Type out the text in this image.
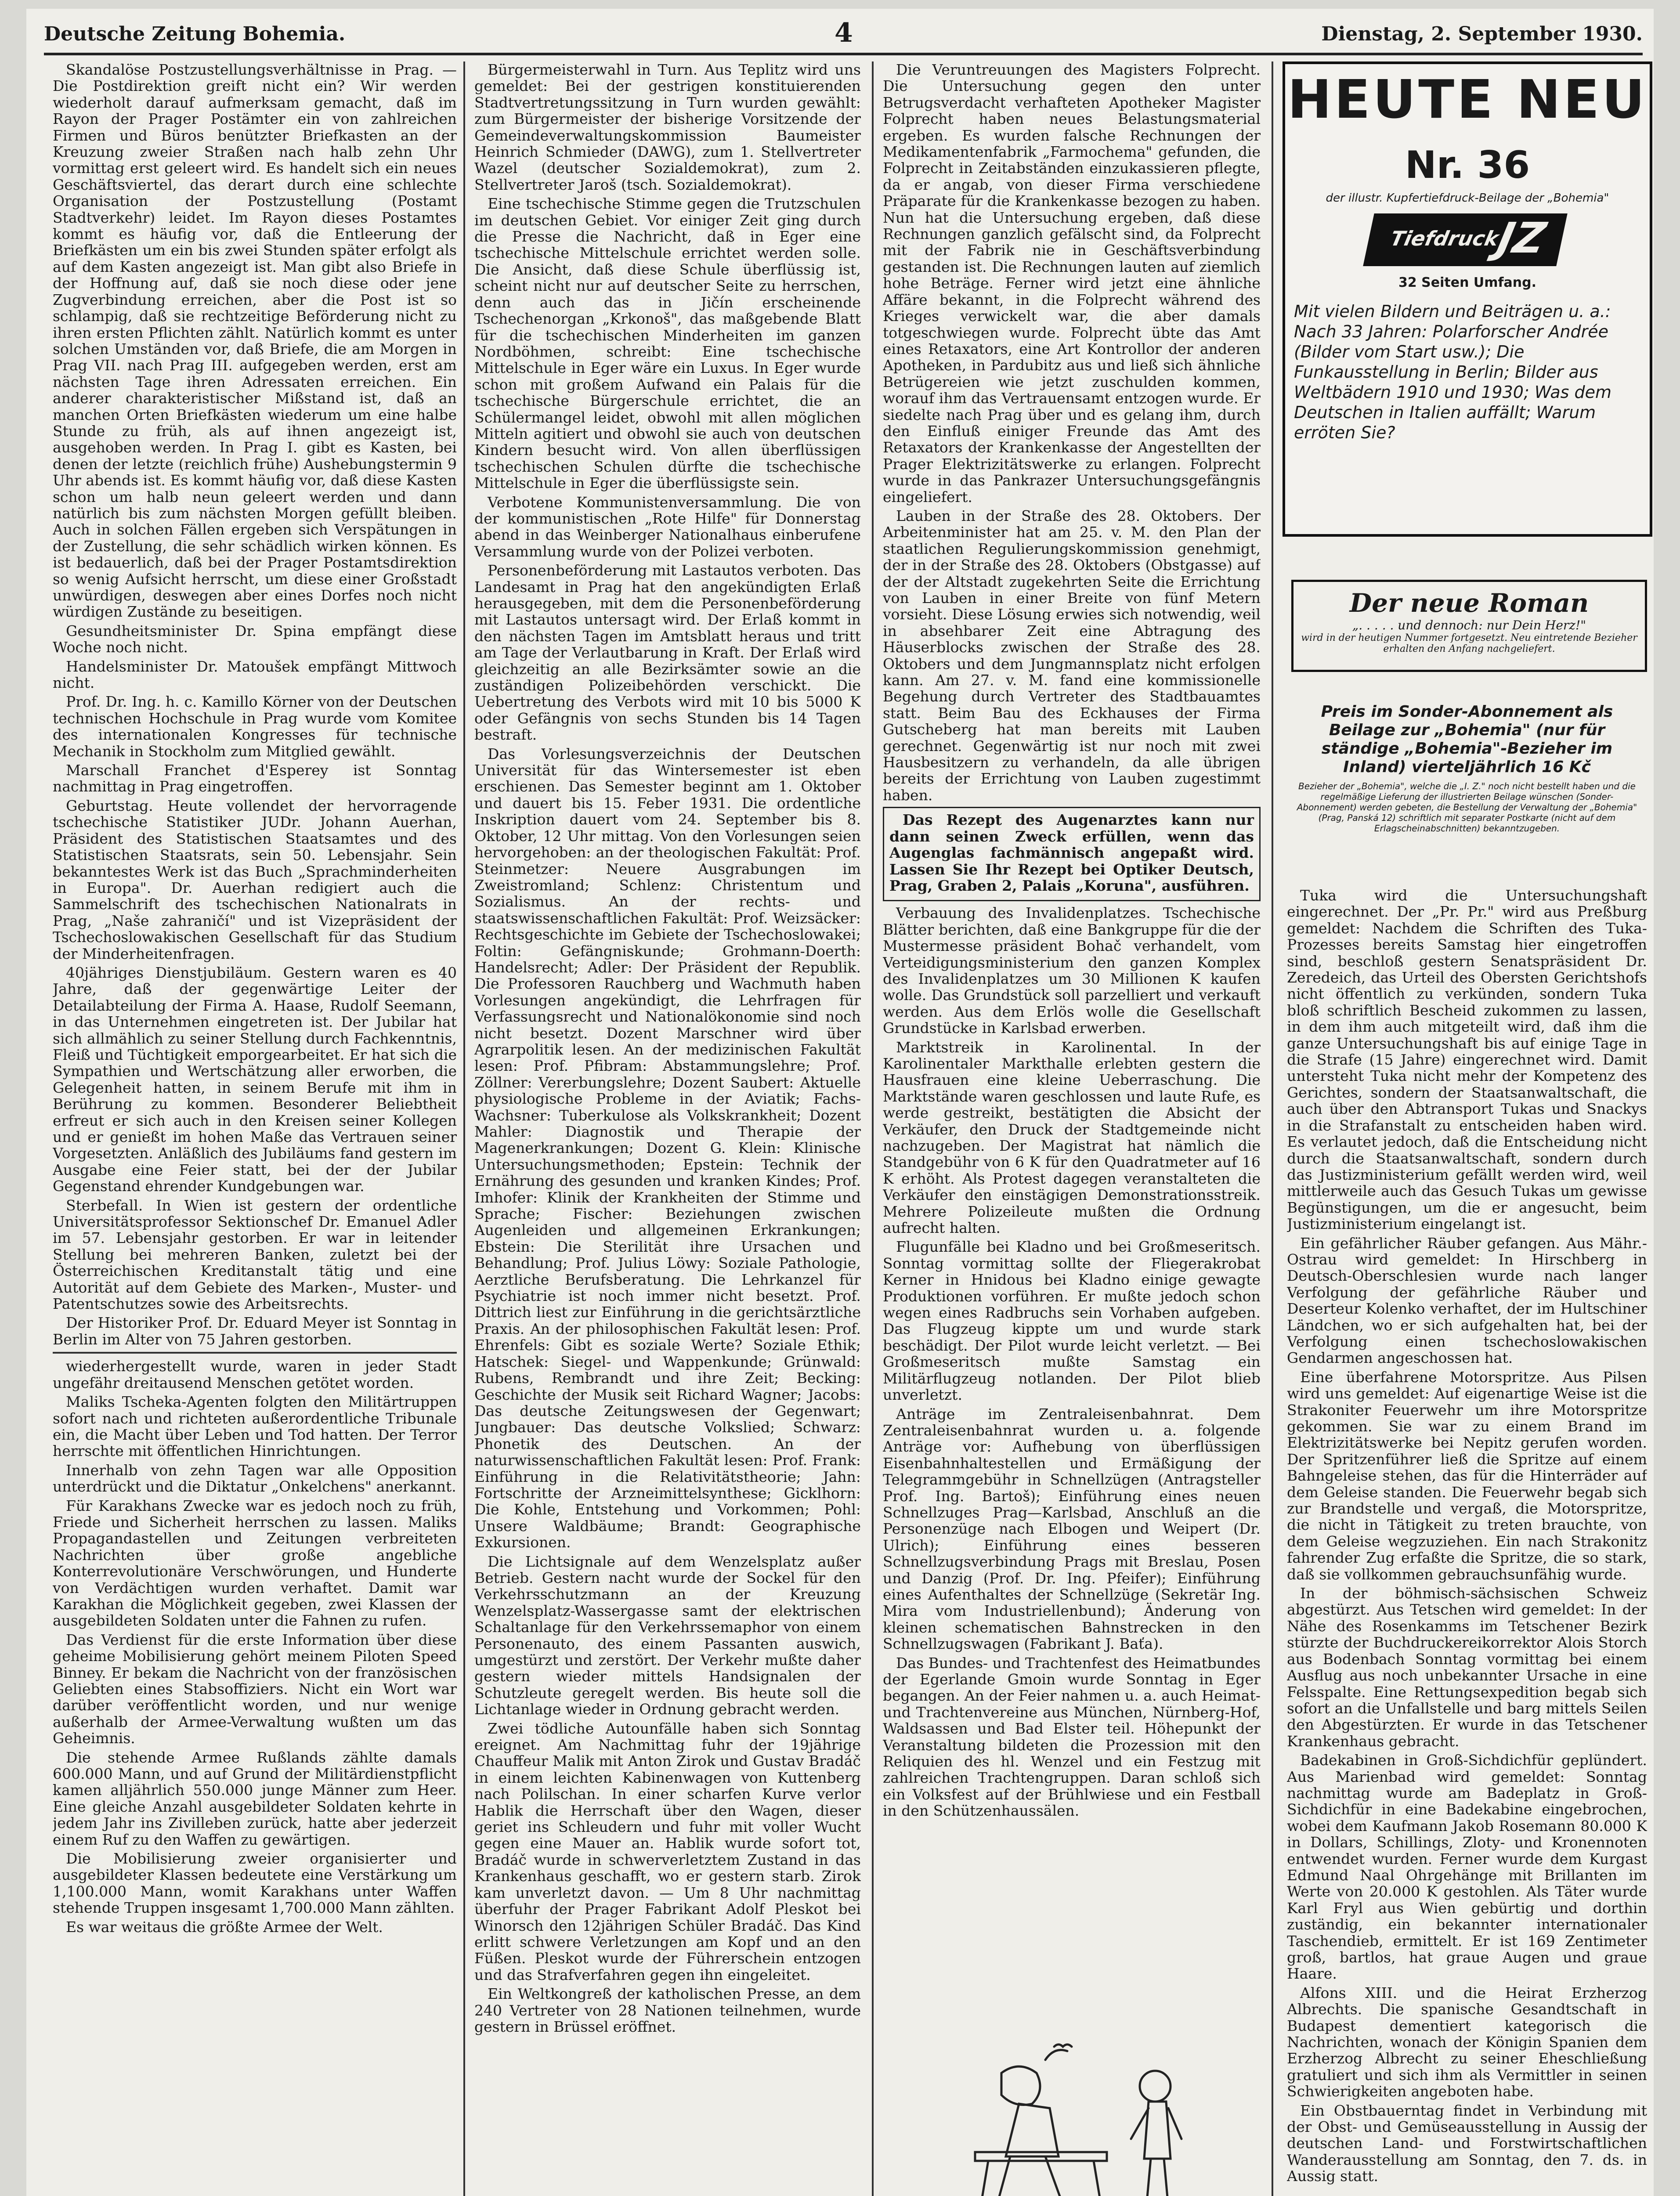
Deutsche Zeitung Bohemia.	4	Dienstag, 2. September 1930.

Skandalöse Postzustellungsverhältnisse in Prag. — Die Postdirektion greift nicht ein? Wir werden wiederholt darauf aufmerksam gemacht, daß im Rayon der Prager Postämter ein von zahlreichen Firmen und Büros benützter Briefkasten an der Kreuzung zweier Straßen nach halb zehn Uhr vormittag erst geleert wird. Es handelt sich ein neues Geschäftsviertel, das derart durch eine schlechte Organisation der Postzustellung (Postamt Stadtverkehr) leidet. Im Rayon dieses Postamtes kommt es häufig vor, daß die Entleerung der Briefkästen um ein bis zwei Stunden später erfolgt als auf dem Kasten angezeigt ist. Man gibt also Briefe in der Hoffnung auf, daß sie noch diese oder jene Zugverbindung erreichen, aber die Post ist so schlampig, daß sie rechtzeitige Beförderung nicht zu ihren ersten Pflichten zählt. Natürlich kommt es unter solchen Umständen vor, daß Briefe, die am Morgen in Prag VII. nach Prag III. aufgegeben werden, erst am nächsten Tage ihren Adressaten erreichen. Ein anderer charakteristischer Mißstand ist, daß an manchen Orten Briefkästen wiederum um eine halbe Stunde zu früh, als auf ihnen angezeigt ist, ausgehoben werden. In Prag I. gibt es Kasten, bei denen der letzte (reichlich frühe) Aushebungstermin 9 Uhr abends ist. Es kommt häufig vor, daß diese Kasten schon um halb neun geleert werden und dann natürlich bis zum nächsten Morgen gefüllt bleiben. Auch in solchen Fällen ergeben sich Verspätungen in der Zustellung, die sehr schädlich wirken können. Es ist bedauerlich, daß bei der Prager Postamtsdirektion so wenig Aufsicht herrscht, um diese einer Großstadt unwürdigen, deswegen aber eines Dorfes noch nicht würdigen Zustände zu beseitigen.

Gesundheitsminister Dr. Spina empfängt diese Woche noch nicht.

Handelsminister Dr. Matoušek empfängt Mittwoch nicht.

Prof. Dr. Ing. h. c. Kamillo Körner von der Deutschen technischen Hochschule in Prag wurde vom Komitee des internationalen Kongresses für technische Mechanik in Stockholm zum Mitglied gewählt.

Marschall Franchet d'Esperey ist Sonntag nachmittag in Prag eingetroffen.

Geburtstag. Heute vollendet der hervorragende tschechische Statistiker JUDr. Johann Auerhan, Präsident des Statistischen Staatsamtes und des Statistischen Staatsrats, sein 50. Lebensjahr. Sein bekanntestes Werk ist das Buch „Sprachminderheiten in Europa". Dr. Auerhan redigiert auch die Sammelschrift des tschechischen Nationalrats in Prag, „Naše zahraničí" und ist Vizepräsident der Tschechoslowakischen Gesellschaft für das Studium der Minderheitenfragen.

40jähriges Dienstjubiläum. Gestern waren es 40 Jahre, daß der gegenwärtige Leiter der Detailabteilung der Firma A. Haase, Rudolf Seemann, in das Unternehmen eingetreten ist. Der Jubilar hat sich allmählich zu seiner Stellung durch Fachkenntnis, Fleiß und Tüchtigkeit emporgearbeitet. Er hat sich die Sympathien und Wertschätzung aller erworben, die Gelegenheit hatten, in seinem Berufe mit ihm in Berührung zu kommen. Besonderer Beliebtheit erfreut er sich auch in den Kreisen seiner Kollegen und er genießt im hohen Maße das Vertrauen seiner Vorgesetzten. Anläßlich des Jubiläums fand gestern im Ausgabe eine Feier statt, bei der der Jubilar Gegenstand ehrender Kundgebungen war.

Sterbefall. In Wien ist gestern der ordentliche Universitätsprofessor Sektionschef Dr. Emanuel Adler im 57. Lebensjahr gestorben. Er war in leitender Stellung bei mehreren Banken, zuletzt bei der Österreichischen Kreditanstalt tätig und eine Autorität auf dem Gebiete des Marken-, Muster- und Patentschutzes sowie des Arbeitsrechts.

Der Historiker Prof. Dr. Eduard Meyer ist Sonntag in Berlin im Alter von 75 Jahren gestorben.

wiederhergestellt wurde, waren in jeder Stadt ungefähr dreitausend Menschen getötet worden.

Maliks Tscheka-Agenten folgten den Militärtruppen sofort nach und richteten außerordentliche Tribunale ein, die Macht über Leben und Tod hatten. Der Terror herrschte mit öffentlichen Hinrichtungen.

Innerhalb von zehn Tagen war alle Opposition unterdrückt und die Diktatur „Onkelchens" anerkannt.

Für Karakhans Zwecke war es jedoch noch zu früh, Friede und Sicherheit herrschen zu lassen. Maliks Propagandastellen und Zeitungen verbreiteten Nachrichten über große angebliche Konterrevolutionäre Verschwörungen, und Hunderte von Verdächtigen wurden verhaftet. Damit war Karakhan die Möglichkeit gegeben, zwei Klassen der ausgebildeten Soldaten unter die Fahnen zu rufen.

Das Verdienst für die erste Information über diese geheime Mobilisierung gehört meinem Piloten Speed Binney. Er bekam die Nachricht von der französischen Geliebten eines Stabsoffiziers. Nicht ein Wort war darüber veröffentlicht worden, und nur wenige außerhalb der Armee-Verwaltung wußten um das Geheimnis.

Die stehende Armee Rußlands zählte damals 600.000 Mann, und auf Grund der Militärdienstpflicht kamen alljährlich 550.000 junge Männer zum Heer. Eine gleiche Anzahl ausgebildeter Soldaten kehrte in jedem Jahr ins Zivilleben zurück, hatte aber jederzeit einem Ruf zu den Waffen zu gewärtigen.

Die Mobilisierung zweier organisierter und ausgebildeter Klassen bedeutete eine Verstärkung um 1,100.000 Mann, womit Karakhans unter Waffen stehende Truppen insgesamt 1,700.000 Mann zählten.

Es war weitaus die größte Armee der Welt.

Bürgermeisterwahl in Turn. Aus Teplitz wird uns gemeldet: Bei der gestrigen konstituierenden Stadtvertretungssitzung in Turn wurden gewählt: zum Bürgermeister der bisherige Vorsitzende der Gemeindeverwaltungskommission Baumeister Heinrich Schmieder (DAWG), zum 1. Stellvertreter Wazel (deutscher Sozialdemokrat), zum 2. Stellvertreter Jaroš (tsch. Sozialdemokrat).

Eine tschechische Stimme gegen die Trutzschulen im deutschen Gebiet. Vor einiger Zeit ging durch die Presse die Nachricht, daß in Eger eine tschechische Mittelschule errichtet werden solle. Die Ansicht, daß diese Schule überflüssig ist, scheint nicht nur auf deutscher Seite zu herrschen, denn auch das in Jičín erscheinende Tschechenorgan „Krkonoš", das maßgebende Blatt für die tschechischen Minderheiten im ganzen Nordböhmen, schreibt: Eine tschechische Mittelschule in Eger wäre ein Luxus. In Eger wurde schon mit großem Aufwand ein Palais für die tschechische Bürgerschule errichtet, die an Schülermangel leidet, obwohl mit allen möglichen Mitteln agitiert und obwohl sie auch von deutschen Kindern besucht wird. Von allen überflüssigen tschechischen Schulen dürfte die tschechische Mittelschule in Eger die überflüssigste sein.

Verbotene Kommunistenversammlung. Die von der kommunistischen „Rote Hilfe" für Donnerstag abend in das Weinberger Nationalhaus einberufene Versammlung wurde von der Polizei verboten.

Personenbeförderung mit Lastautos verboten. Das Landesamt in Prag hat den angekündigten Erlaß herausgegeben, mit dem die Personenbeförderung mit Lastautos untersagt wird. Der Erlaß kommt in den nächsten Tagen im Amtsblatt heraus und tritt am Tage der Verlautbarung in Kraft. Der Erlaß wird gleichzeitig an alle Bezirksämter sowie an die zuständigen Polizeibehörden verschickt. Die Uebertretung des Verbots wird mit 10 bis 5000 K oder Gefängnis von sechs Stunden bis 14 Tagen bestraft.

Das Vorlesungsverzeichnis der Deutschen Universität für das Wintersemester ist eben erschienen. Das Semester beginnt am 1. Oktober und dauert bis 15. Feber 1931. Die ordentliche Inskription dauert vom 24. September bis 8. Oktober, 12 Uhr mittag. Von den Vorlesungen seien hervorgehoben: an der theologischen Fakultät: Prof. Steinmetzer: Neuere Ausgrabungen im Zweistromland; Schlenz: Christentum und Sozialismus. An der rechts- und staatswissenschaftlichen Fakultät: Prof. Weizsäcker: Rechtsgeschichte im Gebiete der Tschechoslowakei; Foltin: Gefängniskunde; Grohmann-Doerth: Handelsrecht; Adler: Der Präsident der Republik. Die Professoren Rauchberg und Wachmuth haben Vorlesungen angekündigt, die Lehrfragen für Verfassungsrecht und Nationalökonomie sind noch nicht besetzt. Dozent Marschner wird über Agrarpolitik lesen. An der medizinischen Fakultät lesen: Prof. Pfibram: Abstammungslehre; Prof. Zöllner: Vererbungslehre; Dozent Saubert: Aktuelle physiologische Probleme in der Aviatik; Fachs-Wachsner: Tuberkulose als Volkskrankheit; Dozent Mahler: Diagnostik und Therapie der Magenerkrankungen; Dozent G. Klein: Klinische Untersuchungsmethoden; Epstein: Technik der Ernährung des gesunden und kranken Kindes; Prof. Imhofer: Klinik der Krankheiten der Stimme und Sprache; Fischer: Beziehungen zwischen Augenleiden und allgemeinen Erkrankungen; Ebstein: Die Sterilität ihre Ursachen und Behandlung; Prof. Julius Löwy: Soziale Pathologie, Aerztliche Berufsberatung. Die Lehrkanzel für Psychiatrie ist noch immer nicht besetzt. Prof. Dittrich liest zur Einführung in die gerichtsärztliche Praxis. An der philosophischen Fakultät lesen: Prof. Ehrenfels: Gibt es soziale Werte? Soziale Ethik; Hatschek: Siegel- und Wappenkunde; Grünwald: Rubens, Rembrandt und ihre Zeit; Becking: Geschichte der Musik seit Richard Wagner; Jacobs: Das deutsche Zeitungswesen der Gegenwart; Jungbauer: Das deutsche Volkslied; Schwarz: Phonetik des Deutschen. An der naturwissenschaftlichen Fakultät lesen: Prof. Frank: Einführung in die Relativitätstheorie; Jahn: Fortschritte der Arzneimittelsynthese; Gicklhorn: Die Kohle, Entstehung und Vorkommen; Pohl: Unsere Waldbäume; Brandt: Geographische Exkursionen.

Die Lichtsignale auf dem Wenzelsplatz außer Betrieb. Gestern nacht wurde der Sockel für den Verkehrsschutzmann an der Kreuzung Wenzelsplatz-Wassergasse samt der elektrischen Schaltanlage für den Verkehrssemaphor von einem Personenauto, des einem Passanten auswich, umgestürzt und zerstört. Der Verkehr mußte daher gestern wieder mittels Handsignalen der Schutzleute geregelt werden. Bis heute soll die Lichtanlage wieder in Ordnung gebracht werden.

Zwei tödliche Autounfälle haben sich Sonntag ereignet. Am Nachmittag fuhr der 19jährige Chauffeur Malik mit Anton Zirok und Gustav Bradáč in einem leichten Kabinenwagen von Kuttenberg nach Polilschan. In einer scharfen Kurve verlor Hablik die Herrschaft über den Wagen, dieser geriet ins Schleudern und fuhr mit voller Wucht gegen eine Mauer an. Hablik wurde sofort tot, Bradáč wurde in schwerverletztem Zustand in das Krankenhaus geschafft, wo er gestern starb. Zirok kam unverletzt davon. — Um 8 Uhr nachmittag überfuhr der Prager Fabrikant Adolf Pleskot bei Winorsch den 12jährigen Schüler Bradáč. Das Kind erlitt schwere Verletzungen am Kopf und an den Füßen. Pleskot wurde der Führerschein entzogen und das Strafverfahren gegen ihn eingeleitet.

Ein Weltkongreß der katholischen Presse, an dem 240 Vertreter von 28 Nationen teilnehmen, wurde gestern in Brüssel eröffnet.

Die Veruntreuungen des Magisters Folprecht. Die Untersuchung gegen den unter Betrugsverdacht verhafteten Apotheker Magister Folprecht haben neues Belastungsmaterial ergeben. Es wurden falsche Rechnungen der Medikamentenfabrik „Farmochema" gefunden, die Folprecht in Zeitabständen einzukassieren pflegte, da er angab, von dieser Firma verschiedene Präparate für die Krankenkasse bezogen zu haben. Nun hat die Untersuchung ergeben, daß diese Rechnungen ganzlich gefälscht sind, da Folprecht mit der Fabrik nie in Geschäftsverbindung gestanden ist. Die Rechnungen lauten auf ziemlich hohe Beträge. Ferner wird jetzt eine ähnliche Affäre bekannt, in die Folprecht während des Krieges verwickelt war, die aber damals totgeschwiegen wurde. Folprecht übte das Amt eines Retaxators, eine Art Kontrollor der anderen Apotheken, in Pardubitz aus und ließ sich ähnliche Betrügereien wie jetzt zuschulden kommen, worauf ihm das Vertrauensamt entzogen wurde. Er siedelte nach Prag über und es gelang ihm, durch den Einfluß einiger Freunde das Amt des Retaxators der Krankenkasse der Angestellten der Prager Elektrizitätswerke zu erlangen. Folprecht wurde in das Pankrazer Untersuchungsgefängnis eingeliefert.

Lauben in der Straße des 28. Oktobers. Der Arbeitenminister hat am 25. v. M. den Plan der staatlichen Regulierungskommission genehmigt, der in der Straße des 28. Oktobers (Obstgasse) auf der der Altstadt zugekehrten Seite die Errichtung von Lauben in einer Breite von fünf Metern vorsieht. Diese Lösung erwies sich notwendig, weil in absehbarer Zeit eine Abtragung des Häuserblocks zwischen der Straße des 28. Oktobers und dem Jungmannsplatz nicht erfolgen kann. Am 27. v. M. fand eine kommissionelle Begehung durch Vertreter des Stadtbauamtes statt. Beim Bau des Eckhauses der Firma Gutscheberg hat man bereits mit Lauben gerechnet. Gegenwärtig ist nur noch mit zwei Hausbesitzern zu verhandeln, da alle übrigen bereits der Errichtung von Lauben zugestimmt haben.

Das Rezept des Augenarztes kann nur dann seinen Zweck erfüllen, wenn das Augenglas fachmännisch angepaßt wird. Lassen Sie Ihr Rezept bei Optiker Deutsch, Prag, Graben 2, Palais „Koruna", ausführen.

Verbauung des Invalidenplatzes. Tschechische Blätter berichten, daß eine Bankgruppe für die der Mustermesse präsident Bohač verhandelt, vom Verteidigungsministerium den ganzen Komplex des Invalidenplatzes um 30 Millionen K kaufen wolle. Das Grundstück soll parzelliert und verkauft werden. Aus dem Erlös wolle die Gesellschaft Grundstücke in Karlsbad erwerben.

Marktstreik in Karolinental. In der Karolinentaler Markthalle erlebten gestern die Hausfrauen eine kleine Ueberraschung. Die Marktstände waren geschlossen und laute Rufe, es werde gestreikt, bestätigten die Absicht der Verkäufer, den Druck der Stadtgemeinde nicht nachzugeben. Der Magistrat hat nämlich die Standgebühr von 6 K für den Quadratmeter auf 16 K erhöht. Als Protest dagegen veranstalteten die Verkäufer den einstägigen Demonstrationsstreik. Mehrere Polizeileute mußten die Ordnung aufrecht halten.

Flugunfälle bei Kladno und bei Großmeseritsch. Sonntag vormittag sollte der Fliegerakrobat Kerner in Hnidous bei Kladno einige gewagte Produktionen vorführen. Er mußte jedoch schon wegen eines Radbruchs sein Vorhaben aufgeben. Das Flugzeug kippte um und wurde stark beschädigt. Der Pilot wurde leicht verletzt. — Bei Großmeseritsch mußte Samstag ein Militärflugzeug notlanden. Der Pilot blieb unverletzt.

Anträge im Zentraleisenbahnrat. Dem Zentraleisenbahnrat wurden u. a. folgende Anträge vor: Aufhebung von überflüssigen Eisenbahnhaltestellen und Ermäßigung der Telegrammgebühr in Schnellzügen (Antragsteller Prof. Ing. Bartoš); Einführung eines neuen Schnellzuges Prag—Karlsbad, Anschluß an die Personenzüge nach Elbogen und Weipert (Dr. Ulrich); Einführung eines besseren Schnellzugsverbindung Prags mit Breslau, Posen und Danzig (Prof. Dr. Ing. Pfeifer); Einführung eines Aufenthaltes der Schnellzüge (Sekretär Ing. Mira vom Industriellenbund); Änderung von kleinen schematischen Bahnstrecken in den Schnellzugswagen (Fabrikant J. Baťa).

Das Bundes- und Trachtenfest des Heimatbundes der Egerlande Gmoin wurde Sonntag in Eger begangen. An der Feier nahmen u. a. auch Heimat- und Trachtenvereine aus München, Nürnberg-Hof, Waldsassen und Bad Elster teil. Höhepunkt der Veranstaltung bildeten die Prozession mit den Reliquien des hl. Wenzel und ein Festzug mit zahlreichen Trachtengruppen. Daran schloß sich ein Volksfest auf der Brühlwiese und ein Festball in den Schützenhaussälen.

HEUTE NEU
Nr. 36
der illustr. Kupfertiefdruck-Beilage der „Bohemia"
Tiefdruck
JZ
32 Seiten Umfang.
Mit vielen Bildern und Beiträgen u. a.: Nach 33 Jahren: Polarforscher Andrée (Bilder vom Start usw.); Die Funkausstellung in Berlin; Bilder aus Weltbädern 1910 und 1930; Was dem Deutschen in Italien auffällt; Warum erröten Sie?
Der neue Roman
„. . . . . und dennoch: nur Dein Herz!"
wird in der heutigen Nummer fortgesetzt. Neu eintretende Bezieher erhalten den Anfang nachgeliefert.
Preis im Sonder-Abonnement als Beilage zur „Bohemia" (nur für ständige „Bohemia"-Bezieher im Inland) vierteljährlich 16 Kč
Bezieher der „Bohemia", welche die „I. Z." noch nicht bestellt haben und die regelmäßige Lieferung der illustrierten Beilage wünschen (Sonder-Abonnement) werden gebeten, die Bestellung der Verwaltung der „Bohemia" (Prag, Panská 12) schriftlich mit separater Postkarte (nicht auf dem Erlagscheinabschnitten) bekanntzugeben.

Tuka wird die Untersuchungshaft eingerechnet. Der „Pr. Pr." wird aus Preßburg gemeldet: Nachdem die Schriften des Tuka-Prozesses bereits Samstag hier eingetroffen sind, beschloß gestern Senatspräsident Dr. Zeredeich, das Urteil des Obersten Gerichtshofs nicht öffentlich zu verkünden, sondern Tuka bloß schriftlich Bescheid zukommen zu lassen, in dem ihm auch mitgeteilt wird, daß ihm die ganze Untersuchungshaft bis auf einige Tage in die Strafe (15 Jahre) eingerechnet wird. Damit untersteht Tuka nicht mehr der Kompetenz des Gerichtes, sondern der Staatsanwaltschaft, die auch über den Abtransport Tukas und Snackys in die Strafanstalt zu entscheiden haben wird. Es verlautet jedoch, daß die Entscheidung nicht durch die Staatsanwaltschaft, sondern durch das Justizministerium gefällt werden wird, weil mittlerweile auch das Gesuch Tukas um gewisse Begünstigungen, um die er angesucht, beim Justizministerium eingelangt ist.

Ein gefährlicher Räuber gefangen. Aus Mähr.-Ostrau wird gemeldet: In Hirschberg in Deutsch-Oberschlesien wurde nach langer Verfolgung der gefährliche Räuber und Deserteur Kolenko verhaftet, der im Hultschiner Ländchen, wo er sich aufgehalten hat, bei der Verfolgung einen tschechoslowakischen Gendarmen angeschossen hat.

Eine überfahrene Motorspritze. Aus Pilsen wird uns gemeldet: Auf eigenartige Weise ist die Strakoniter Feuerwehr um ihre Motorspritze gekommen. Sie war zu einem Brand im Elektrizitätswerke bei Nepitz gerufen worden. Der Spritzenführer ließ die Spritze auf einem Bahngeleise stehen, das für die Hinterräder auf dem Geleise standen. Die Feuerwehr begab sich zur Brandstelle und vergaß, die Motorspritze, die nicht in Tätigkeit zu treten brauchte, von dem Geleise wegzuziehen. Ein nach Strakonitz fahrender Zug erfaßte die Spritze, die so stark, daß sie vollkommen gebrauchsunfähig wurde.

In der böhmisch-sächsischen Schweiz abgestürzt. Aus Tetschen wird gemeldet: In der Nähe des Rosenkamms im Tetschener Bezirk stürzte der Buchdruckereikorrektor Alois Storch aus Bodenbach Sonntag vormittag bei einem Ausflug aus noch unbekannter Ursache in eine Felsspalte. Eine Rettungsexpedition begab sich sofort an die Unfallstelle und barg mittels Seilen den Abgestürzten. Er wurde in das Tetschener Krankenhaus gebracht.

Badekabinen in Groß-Sichdichfür geplündert. Aus Marienbad wird gemeldet: Sonntag nachmittag wurde am Badeplatz in Groß-Sichdichfür in eine Badekabine eingebrochen, wobei dem Kaufmann Jakob Rosemann 80.000 K in Dollars, Schillings, Zloty- und Kronennoten entwendet wurden. Ferner wurde dem Kurgast Edmund Naal Ohrgehänge mit Brillanten im Werte von 20.000 K gestohlen. Als Täter wurde Karl Fryl aus Wien gebürtig und dorthin zuständig, ein bekannter internationaler Taschendieb, ermittelt. Er ist 169 Zentimeter groß, bartlos, hat graue Augen und graue Haare.

Alfons XIII. und die Heirat Erzherzog Albrechts. Die spanische Gesandtschaft in Budapest dementiert kategorisch die Nachrichten, wonach der Königin Spanien dem Erzherzog Albrecht zu seiner Eheschließung gratuliert und sich ihm als Vermittler in seinen Schwierigkeiten angeboten habe.

Ein Obstbauerntag findet in Verbindung mit der Obst- und Gemüseausstellung in Aussig der deutschen Land- und Forstwirtschaftlichen Wanderausstellung am Sonntag, den 7. ds. in Aussig statt.
